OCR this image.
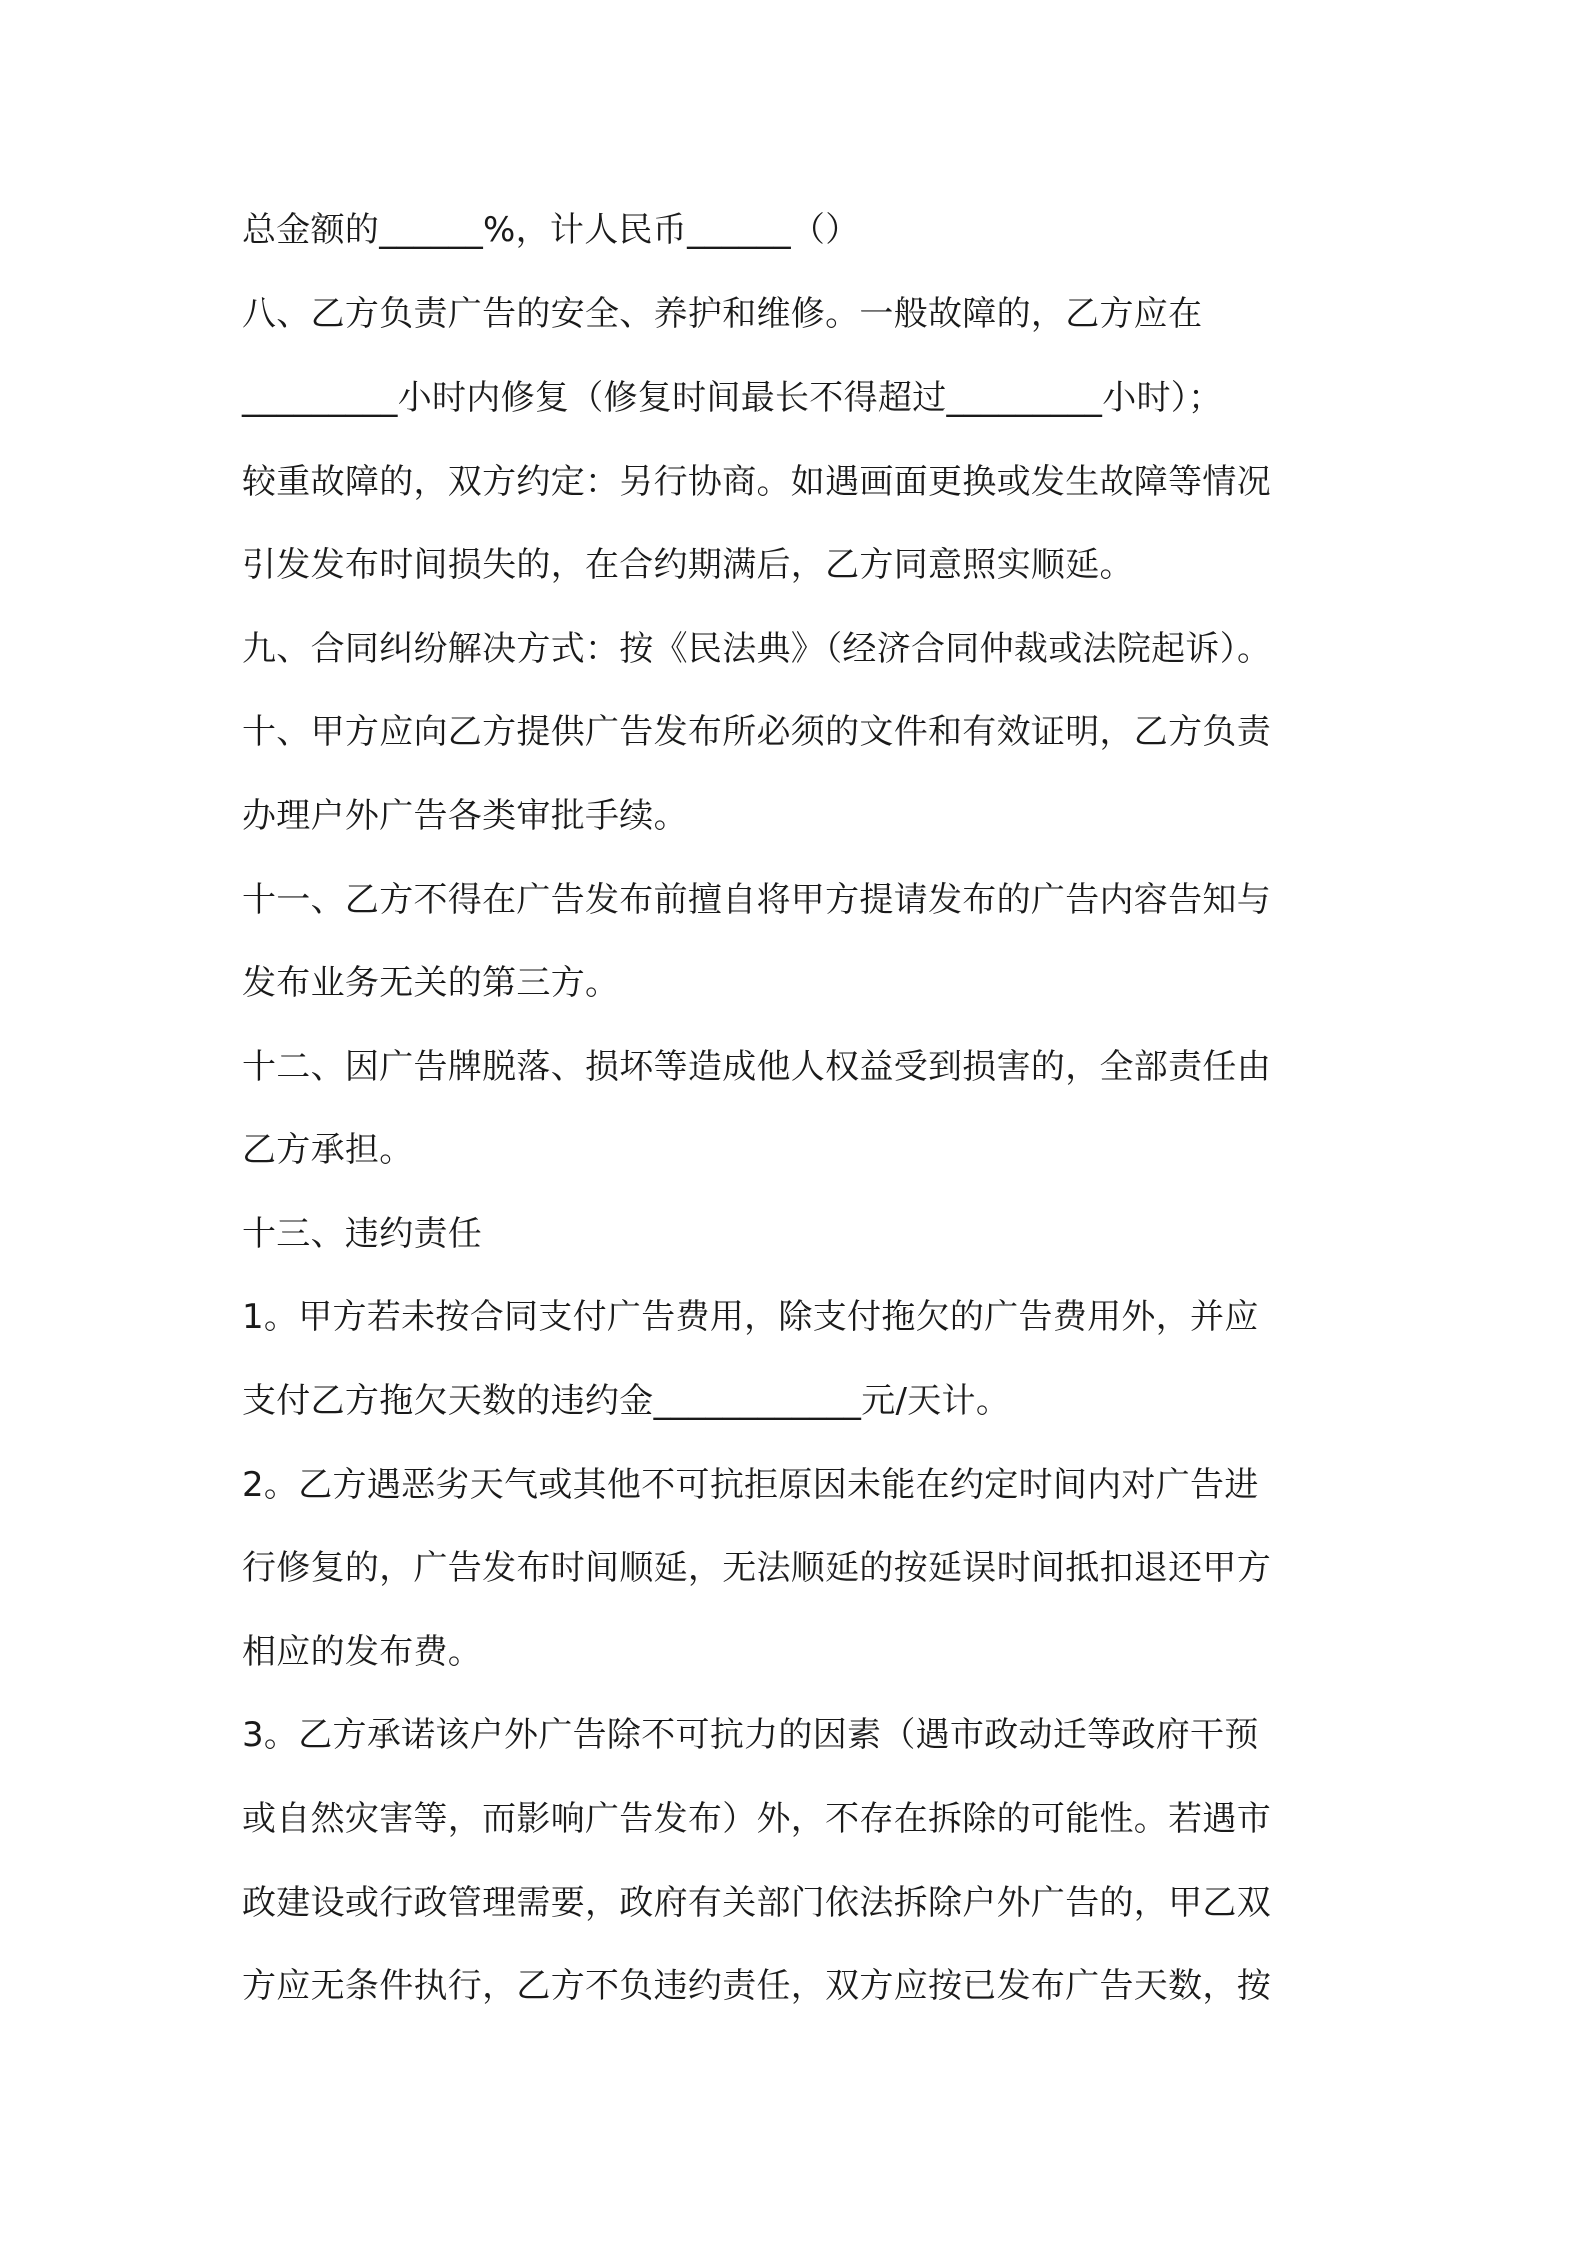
总金额的______%，计人民币______（）
八、乙方负责广告的安全、养护和维修。一般故障的，乙方应在
_________小时内修复（修复时间最长不得超过_________小时）；
较重故障的，双方约定：另行协商。如遇画面更换或发生故障等情况
引发发布时间损失的，在合约期满后，乙方同意照实顺延。
九、合同纠纷解决方式：按《民法典》（经济合同仲裁或法院起诉）。
十、甲方应向乙方提供广告发布所必须的文件和有效证明，乙方负责
办理户外广告各类审批手续。
十一、乙方不得在广告发布前擅自将甲方提请发布的广告内容告知与
发布业务无关的第三方。
十二、因广告牌脱落、损坏等造成他人权益受到损害的，全部责任由
乙方承担。
十三、违约责任
1。甲方若未按合同支付广告费用，除支付拖欠的广告费用外，并应
支付乙方拖欠天数的违约金____________元/天计。
2。乙方遇恶劣天气或其他不可抗拒原因未能在约定时间内对广告进
行修复的，广告发布时间顺延，无法顺延的按延误时间抵扣退还甲方
相应的发布费。
3。乙方承诺该户外广告除不可抗力的因素（遇市政动迁等政府干预
或自然灾害等，而影响广告发布）外，不存在拆除的可能性。若遇市
政建设或行政管理需要，政府有关部门依法拆除户外广告的，甲乙双
方应无条件执行，乙方不负违约责任，双方应按已发布广告天数，按
